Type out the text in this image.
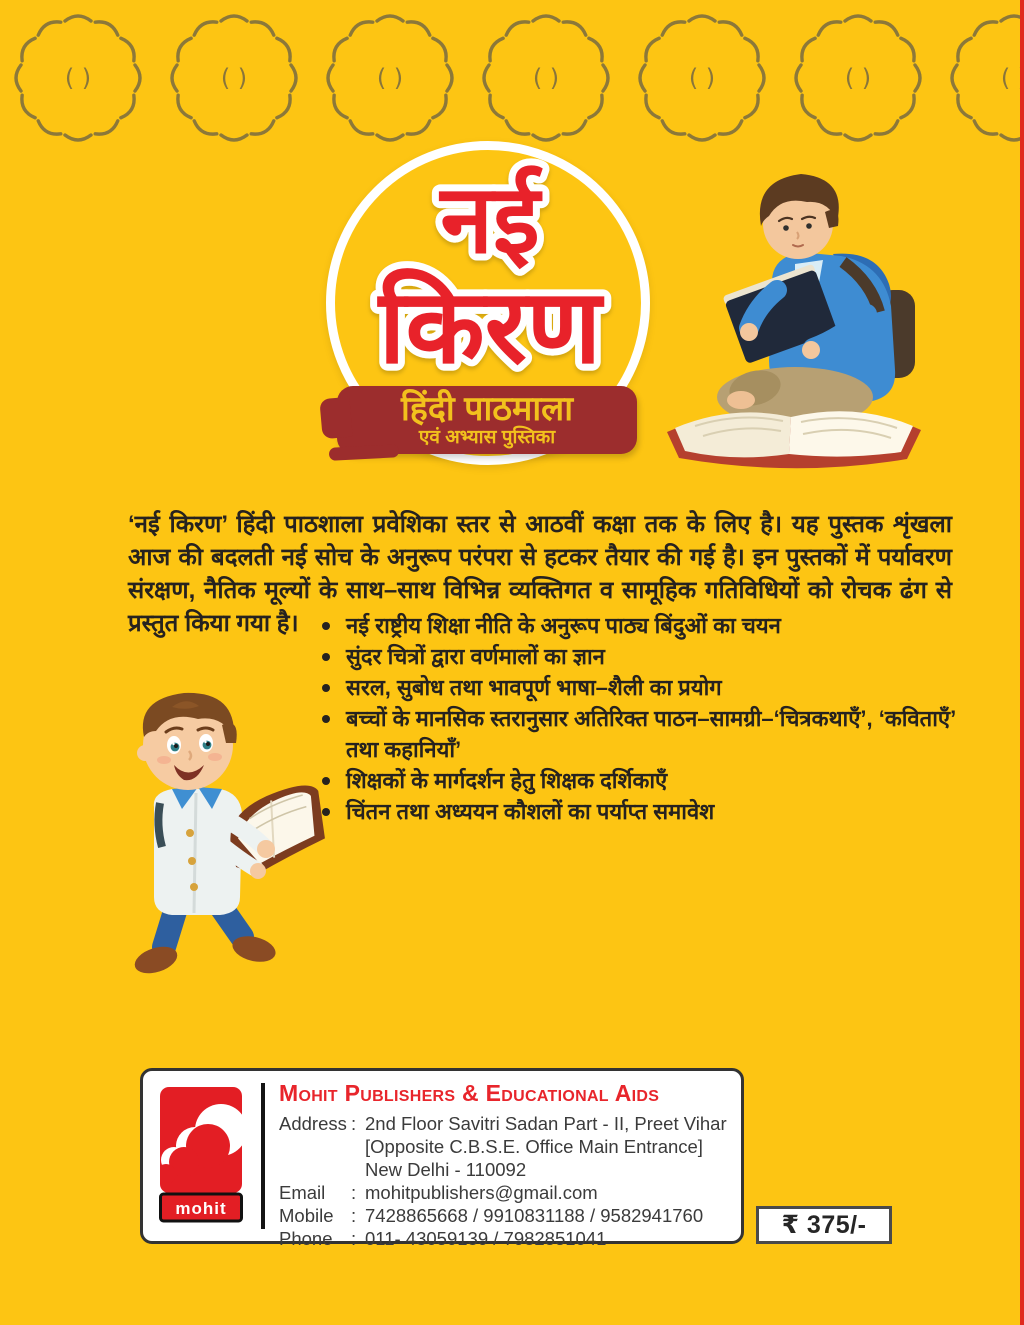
नई
किरण
हिंदी पाठमाला
एवं अभ्यास पुस्तिका

‘नई किरण’ हिंदी पाठशाला प्रवेशिका स्तर से आठवीं कक्षा तक के लिए है। यह पुस्तक शृंखला आज की बदलती नई सोच के अनुरूप परंपरा से हटकर तैयार की गई है। इन पुस्तकों में पर्यावरण संरक्षण, नैतिक मूल्यों के साथ–साथ विभिन्न व्यक्तिगत व सामूहिक गतिविधियों को रोचक ढंग से प्रस्तुत किया गया है।	नई राष्ट्रीय शिक्षा नीति के अनुरूप पाठ्य बिंदुओं का चयन
सुंदर चित्रों द्वारा वर्णमालों का ज्ञान
सरल, सुबोध तथा भावपूर्ण भाषा–शैली का प्रयोग
बच्चों के मानसिक स्तरानुसार अतिरिक्त पाठन–सामग्री–‘चित्रकथाएँ’, ‘कविताएँ’ तथा कहानियाँ’
शिक्षकों के मार्गदर्शन हेतु शिक्षक दर्शिकाएँ
चिंतन तथा अध्ययन कौशलों का पर्याप्त समावेश
mohit
Mohit Publishers & Educational Aids
Address : 2nd Floor Savitri Sadan Part - II, Preet Vihar [Opposite C.B.S.E. Office Main Entrance] New Delhi - 110092
Email	: mohitpublishers@gmail.com
Mobile : 7428865668 / 9910831188 / 9582941760
Phone	: 011- 43059139 / 7982851041	₹ 375/-
